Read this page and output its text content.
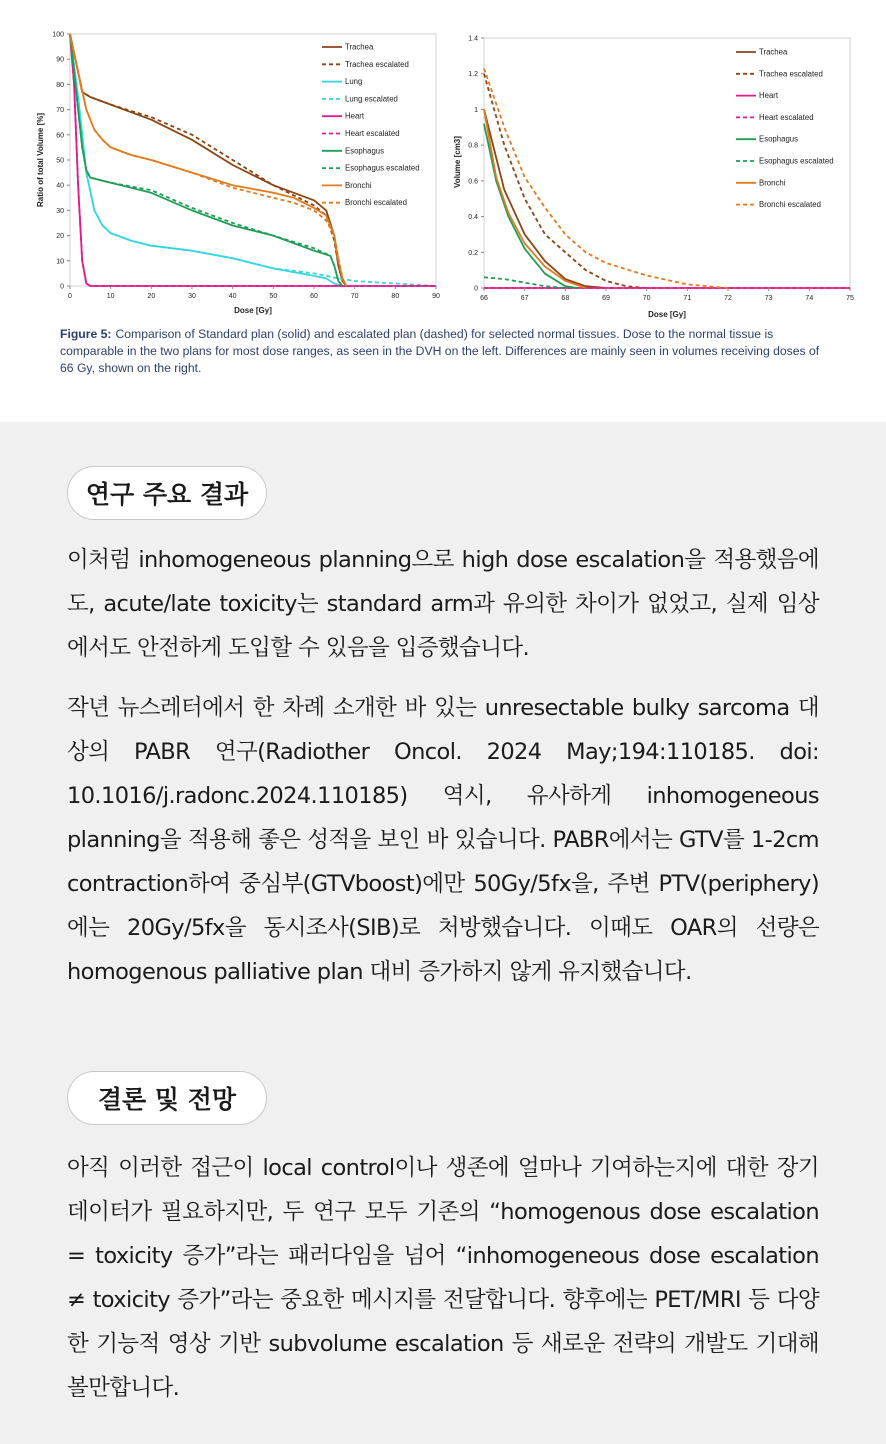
0	10	20	30	40	50	60	70	80	90
0
10
20
30
40
50
60
70
80
90
100
Ratio of total Volume [%]
Dose [Gy]
Trachea
Trachea escalated
Lung
Lung escalated
Heart
Heart escalated
Esophagus
Esophagus escalated
Bronchi
Bronchi escalated
66	67	68	69	70	71	72	73	74	75
0
0.2
0.4
0.6
0.8
1
1.2
1.4
Volume [cm3]
Dose [Gy]
Trachea
Trachea escalated
Heart
Heart escalated
Esophagus
Esophagus escalated
Bronchi
Bronchi escalated
Figure 5: Comparison of Standard plan (solid) and escalated plan (dashed) for selected normal tissues. Dose to the normal tissue is comparable in the two plans for most dose ranges, as seen in the DVH on the left. Differences are mainly seen in volumes receiving doses of 66 Gy, shown on the right.
연구 주요 결과

이처럼 inhomogeneous planning으로 high dose escalation을 적용했음에도, acute/late toxicity는 standard arm과 유의한 차이가 없었고, 실제 임상에서도 안전하게 도입할 수 있음을 입증했습니다.

작년 뉴스레터에서 한 차례 소개한 바 있는 unresectable bulky sarcoma 대상의 PABR 연구(Radiother Oncol. 2024 May;194:110185. doi: 10.1016/j.radonc.2024.110185) 역시, 유사하게 inhomogeneous planning을 적용해 좋은 성적을 보인 바 있습니다. PABR에서는 GTV를 1-2cm contraction하여 중심부(GTVboost)에만 50Gy/5fx을, 주변 PTV(periphery)에는 20Gy/5fx을 동시조사(SIB)로 처방했습니다. 이때도 OAR의 선량은 homogenous palliative plan 대비 증가하지 않게 유지했습니다.

결론 및 전망

아직 이러한 접근이 local control이나 생존에 얼마나 기여하는지에 대한 장기 데이터가 필요하지만, 두 연구 모두 기존의 “homogenous dose escalation = toxicity 증가”라는 패러다임을 넘어 “inhomogeneous dose escalation ≠ toxicity 증가”라는 중요한 메시지를 전달합니다. 향후에는 PET/MRI 등 다양한 기능적 영상 기반 subvolume escalation 등 새로운 전략의 개발도 기대해 볼만합니다.
